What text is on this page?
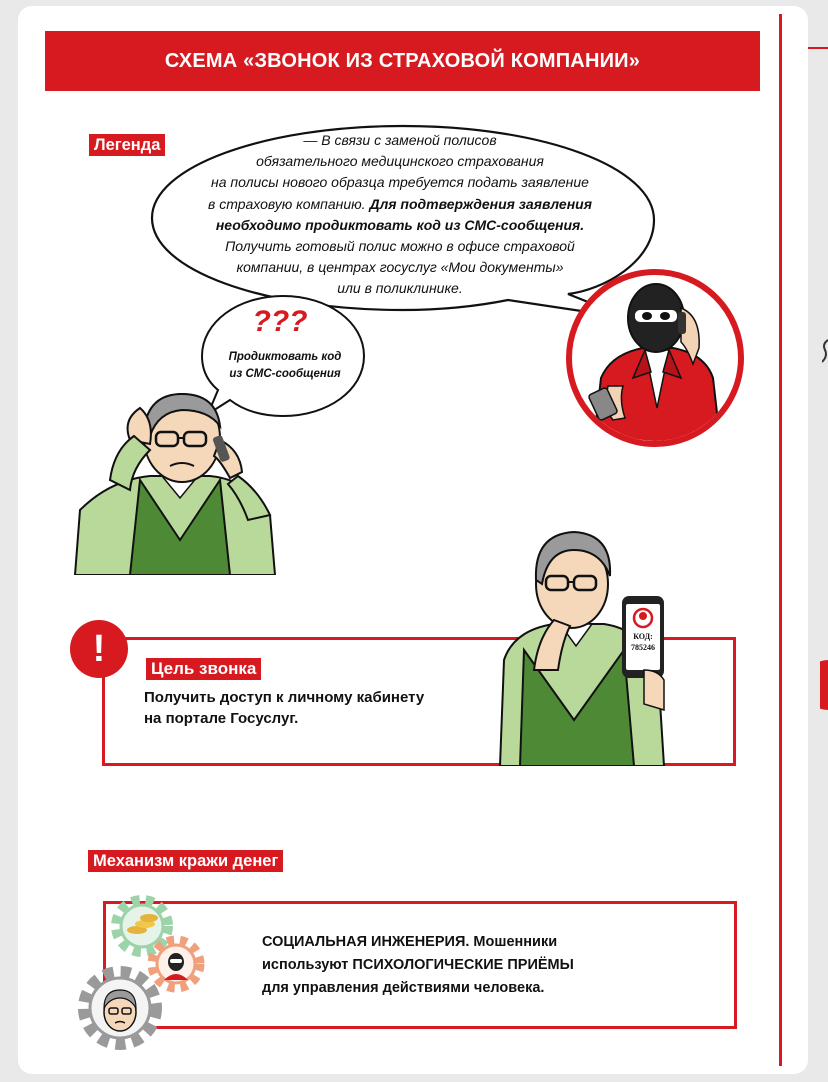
СХЕМА «ЗВОНОК ИЗ СТРАХОВОЙ КОМПАНИИ»
Легенда	— В связи с заменой полисов
обязательного медицинского страхования
на полисы нового образца требуется подать заявление
в страховую компанию. Для подтверждения заявления
необходимо продиктовать код из СМС-сообщения.
Получить готовый полис можно в офисе страховой
компании, в центрах госуслуг «Мои документы»
или в поликлинике.
???
Продиктовать код
из СМС-сообщения
!	Цель звонка
Получить доступ к личному кабинету
на портале Госуслуг.
КОД:
785246
Механизм кражи денег
СОЦИАЛЬНАЯ ИНЖЕНЕРИЯ. Мошенники
используют ПСИХОЛОГИЧЕСКИЕ ПРИЁМЫ
для управления действиями человека.
